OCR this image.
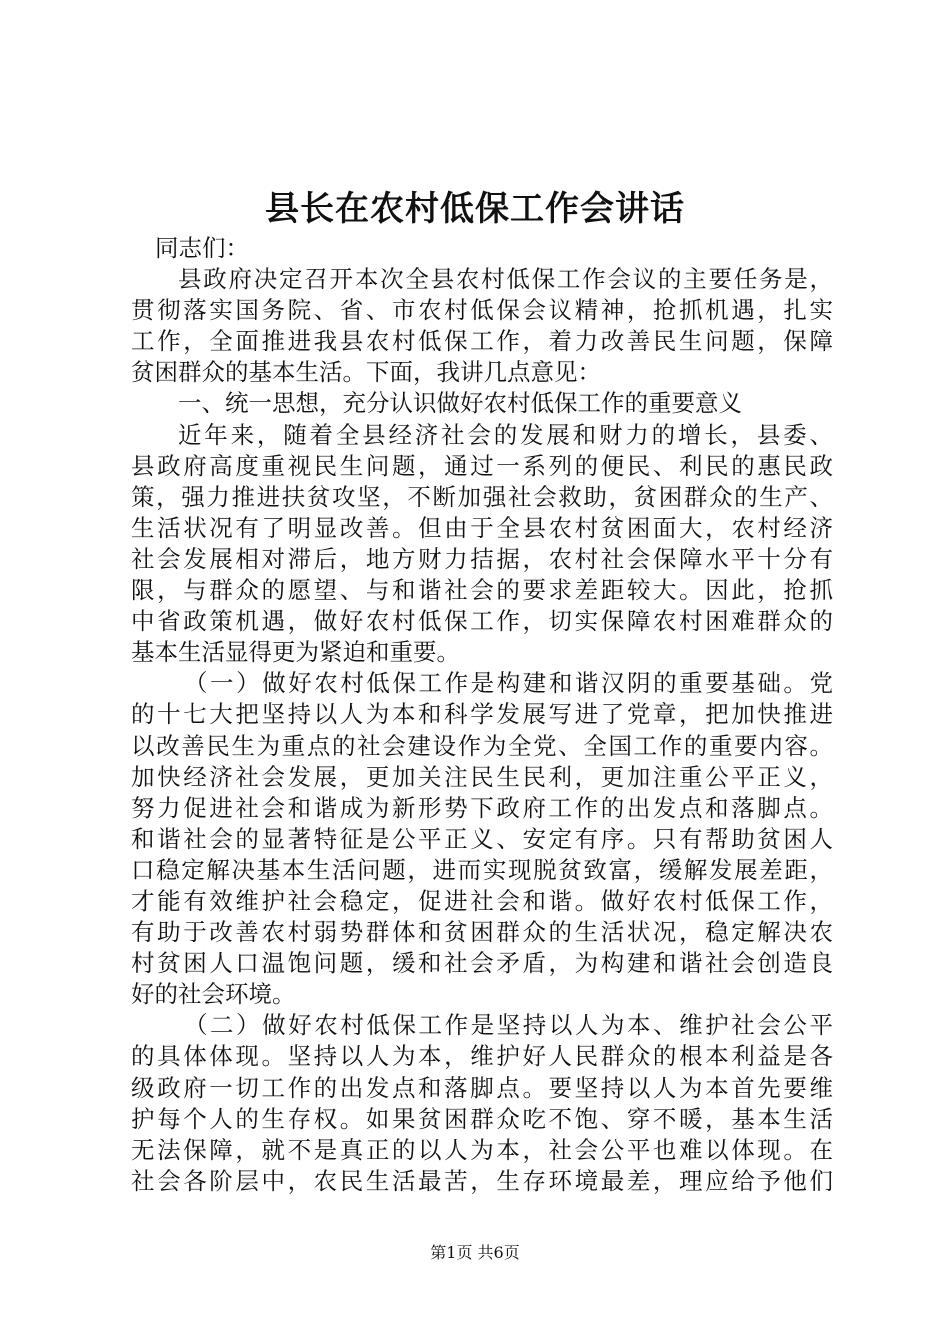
县长在农村低保工作会讲话
同志们：
县政府决定召开本次全县农村低保工作会议的主要任务是，
贯彻落实国务院、省、市农村低保会议精神，抢抓机遇，扎实
工作，全面推进我县农村低保工作，着力改善民生问题，保障
贫困群众的基本生活。下面，我讲几点意见：
一、统一思想，充分认识做好农村低保工作的重要意义
近年来，随着全县经济社会的发展和财力的增长，县委、
县政府高度重视民生问题，通过一系列的便民、利民的惠民政
策，强力推进扶贫攻坚，不断加强社会救助，贫困群众的生产、
生活状况有了明显改善。但由于全县农村贫困面大，农村经济
社会发展相对滞后，地方财力拮据，农村社会保障水平十分有
限，与群众的愿望、与和谐社会的要求差距较大。因此，抢抓
中省政策机遇，做好农村低保工作，切实保障农村困难群众的
基本生活显得更为紧迫和重要。
（一）做好农村低保工作是构建和谐汉阴的重要基础。党
的十七大把坚持以人为本和科学发展写进了党章，把加快推进
以改善民生为重点的社会建设作为全党、全国工作的重要内容。
加快经济社会发展，更加关注民生民利，更加注重公平正义，
努力促进社会和谐成为新形势下政府工作的出发点和落脚点。
和谐社会的显著特征是公平正义、安定有序。只有帮助贫困人
口稳定解决基本生活问题，进而实现脱贫致富，缓解发展差距，
才能有效维护社会稳定，促进社会和谐。做好农村低保工作，
有助于改善农村弱势群体和贫困群众的生活状况，稳定解决农
村贫困人口温饱问题，缓和社会矛盾，为构建和谐社会创造良
好的社会环境。
（二）做好农村低保工作是坚持以人为本、维护社会公平
的具体体现。坚持以人为本，维护好人民群众的根本利益是各
级政府一切工作的出发点和落脚点。要坚持以人为本首先要维
护每个人的生存权。如果贫困群众吃不饱、穿不暖，基本生活
无法保障，就不是真正的以人为本，社会公平也难以体现。在
社会各阶层中，农民生活最苦，生存环境最差，理应给予他们
第1页 共6页
